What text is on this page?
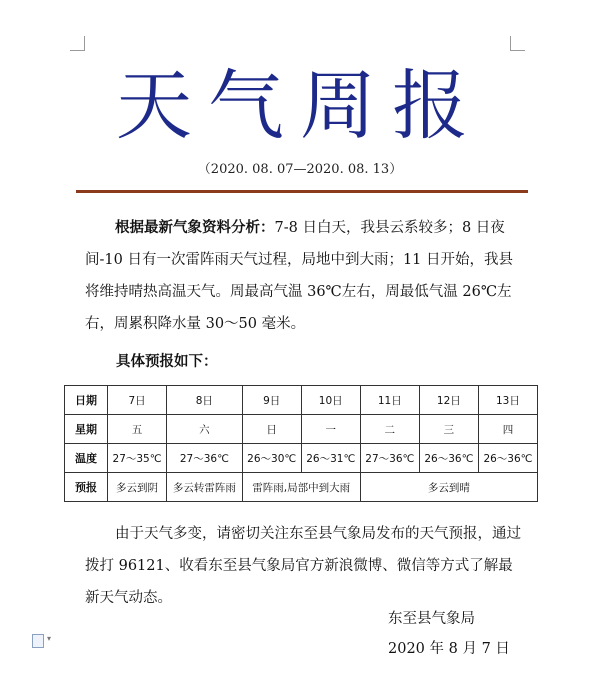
天气周报
（2020. 08. 07—2020. 08. 13）
根据最新气象资料分析：7-8 日白天，我县云系较多；8 日夜间-10 日有一次雷阵雨天气过程，局地中到大雨；11 日开始，我县将维持晴热高温天气。周最高气温 36℃左右，周最低气温 26℃左右，周累积降水量 30～50 毫米。
具体预报如下：
日期	7日	8日	9日	10日	11日	12日	13日
星期	五	六	日	一	二	三	四
温度	27～35℃	27～36℃	26～30℃	26～31℃	27～36℃	26～36℃	26～36℃
预报	多云到阴	多云转雷阵雨	雷阵雨,局部中到大雨		多云到晴		
由于天气多变，请密切关注东至县气象局发布的天气预报，通过拨打 96121、收看东至县气象局官方新浪微博、微信等方式了解最新天气动态。
东至县气象局
2020 年 8 月 7 日
▾
